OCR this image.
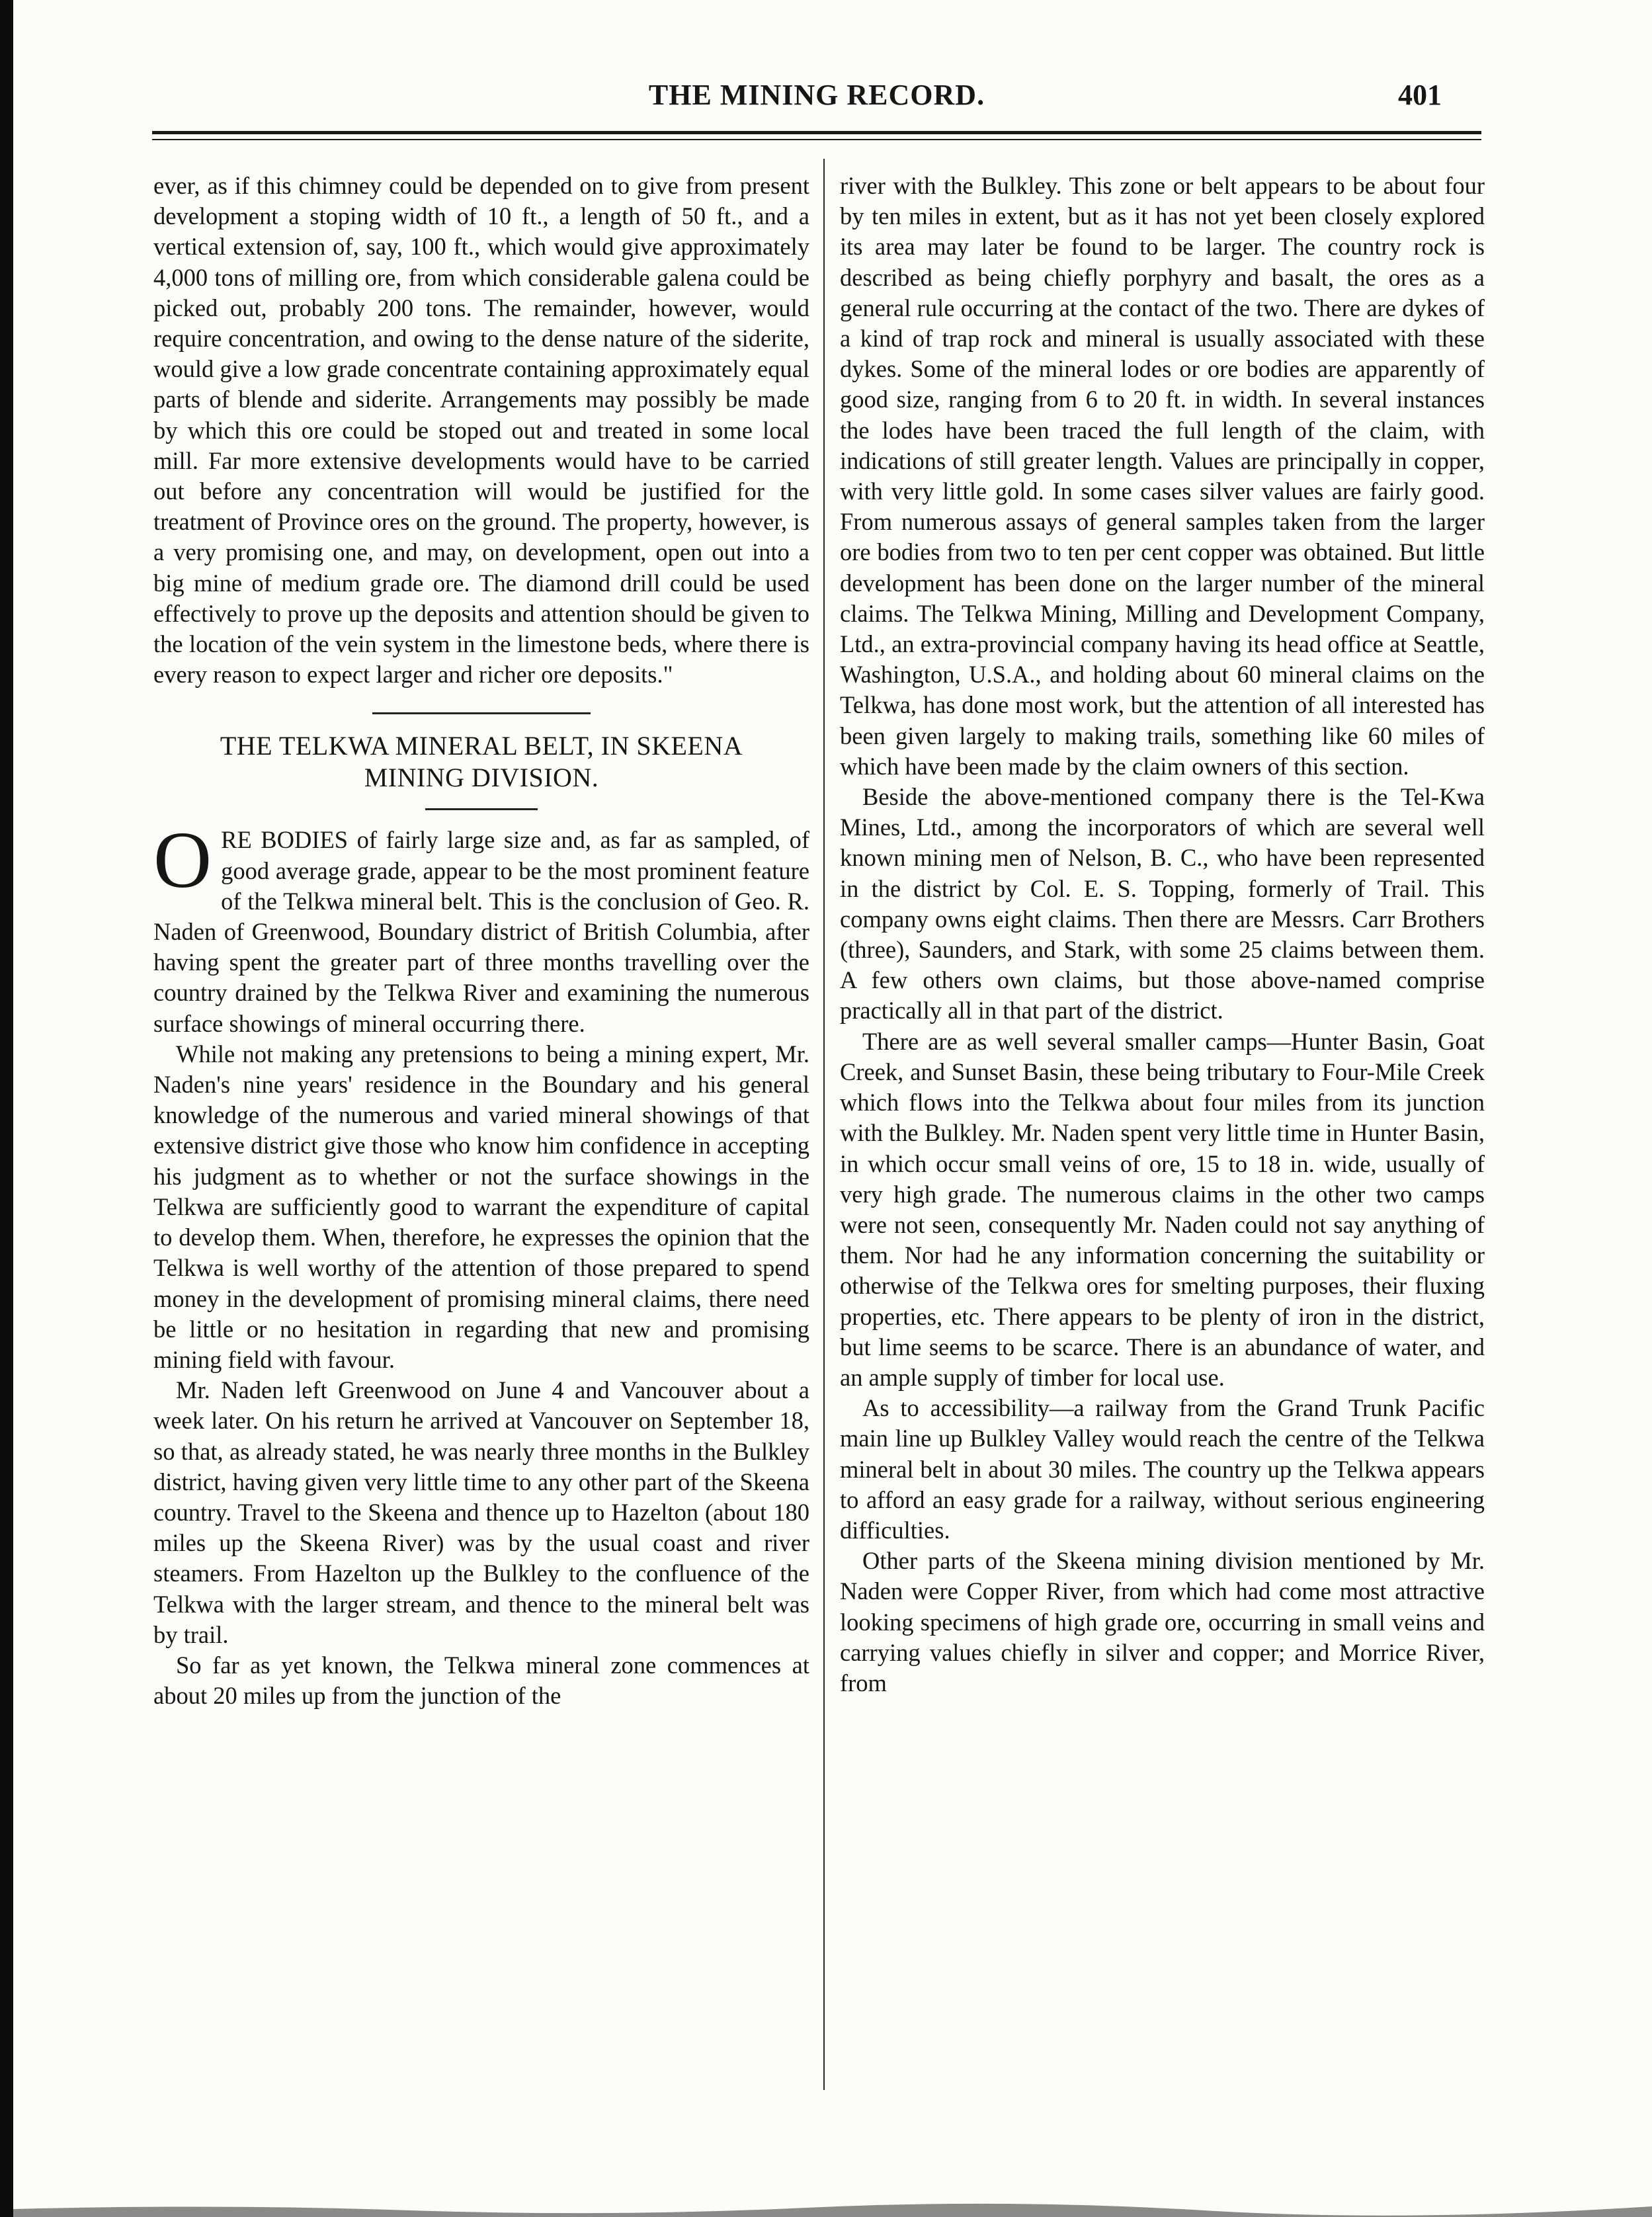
THE MINING RECORD.	401

ever, as if this chimney could be depended on to give from present development a stoping width of 10 ft., a length of 50 ft., and a vertical extension of, say, 100 ft., which would give approximately 4,000 tons of milling ore, from which considerable galena could be picked out, probably 200 tons. The remainder, however, would require concentration, and owing to the dense nature of the siderite, would give a low grade concentrate containing approximately equal parts of blende and siderite. Arrangements may possibly be made by which this ore could be stoped out and treated in some local mill. Far more extensive developments would have to be carried out before any concentration will would be justified for the treatment of Province ores on the ground. The property, however, is a very promising one, and may, on development, open out into a big mine of medium grade ore. The diamond drill could be used effectively to prove up the deposits and attention should be given to the location of the vein system in the limestone beds, where there is every reason to expect larger and richer ore deposits."

THE TELKWA MINERAL BELT, IN SKEENA
MINING DIVISION.

ORE BODIES of fairly large size and, as far as sampled, of good average grade, appear to be the most prominent feature of the Telkwa mineral belt. This is the conclusion of Geo. R. Naden of Greenwood, Boundary district of British Columbia, after having spent the greater part of three months travelling over the country drained by the Telkwa River and examining the numerous surface showings of mineral occurring there.

While not making any pretensions to being a mining expert, Mr. Naden's nine years' residence in the Boundary and his general knowledge of the numerous and varied mineral showings of that extensive district give those who know him confidence in accepting his judgment as to whether or not the surface showings in the Telkwa are sufficiently good to warrant the expenditure of capital to develop them. When, therefore, he expresses the opinion that the Telkwa is well worthy of the attention of those prepared to spend money in the development of promising mineral claims, there need be little or no hesitation in regarding that new and promising mining field with favour.

Mr. Naden left Greenwood on June 4 and Vancouver about a week later. On his return he arrived at Vancouver on September 18, so that, as already stated, he was nearly three months in the Bulkley district, having given very little time to any other part of the Skeena country. Travel to the Skeena and thence up to Hazelton (about 180 miles up the Skeena River) was by the usual coast and river steamers. From Hazelton up the Bulkley to the confluence of the Telkwa with the larger stream, and thence to the mineral belt was by trail.

So far as yet known, the Telkwa mineral zone commences at about 20 miles up from the junction of the

river with the Bulkley. This zone or belt appears to be about four by ten miles in extent, but as it has not yet been closely explored its area may later be found to be larger. The country rock is described as being chiefly porphyry and basalt, the ores as a general rule occurring at the contact of the two. There are dykes of a kind of trap rock and mineral is usually associated with these dykes. Some of the mineral lodes or ore bodies are apparently of good size, ranging from 6 to 20 ft. in width. In several instances the lodes have been traced the full length of the claim, with indications of still greater length. Values are principally in copper, with very little gold. In some cases silver values are fairly good. From numerous assays of general samples taken from the larger ore bodies from two to ten per cent copper was obtained. But little development has been done on the larger number of the mineral claims. The Telkwa Mining, Milling and Development Company, Ltd., an extra-provincial company having its head office at Seattle, Washington, U.S.A., and holding about 60 mineral claims on the Telkwa, has done most work, but the attention of all interested has been given largely to making trails, something like 60 miles of which have been made by the claim owners of this section.

Beside the above-mentioned company there is the Tel-Kwa Mines, Ltd., among the incorporators of which are several well known mining men of Nelson, B. C., who have been represented in the district by Col. E. S. Topping, formerly of Trail. This company owns eight claims. Then there are Messrs. Carr Brothers (three), Saunders, and Stark, with some 25 claims between them. A few others own claims, but those above-named comprise practically all in that part of the district.

There are as well several smaller camps—Hunter Basin, Goat Creek, and Sunset Basin, these being tributary to Four-Mile Creek which flows into the Telkwa about four miles from its junction with the Bulkley. Mr. Naden spent very little time in Hunter Basin, in which occur small veins of ore, 15 to 18 in. wide, usually of very high grade. The numerous claims in the other two camps were not seen, consequently Mr. Naden could not say anything of them. Nor had he any information concerning the suitability or otherwise of the Telkwa ores for smelting purposes, their fluxing properties, etc. There appears to be plenty of iron in the district, but lime seems to be scarce. There is an abundance of water, and an ample supply of timber for local use.

As to accessibility—a railway from the Grand Trunk Pacific main line up Bulkley Valley would reach the centre of the Telkwa mineral belt in about 30 miles. The country up the Telkwa appears to afford an easy grade for a railway, without serious engineering difficulties.

Other parts of the Skeena mining division mentioned by Mr. Naden were Copper River, from which had come most attractive looking specimens of high grade ore, occurring in small veins and carrying values chiefly in silver and copper; and Morrice River, from
